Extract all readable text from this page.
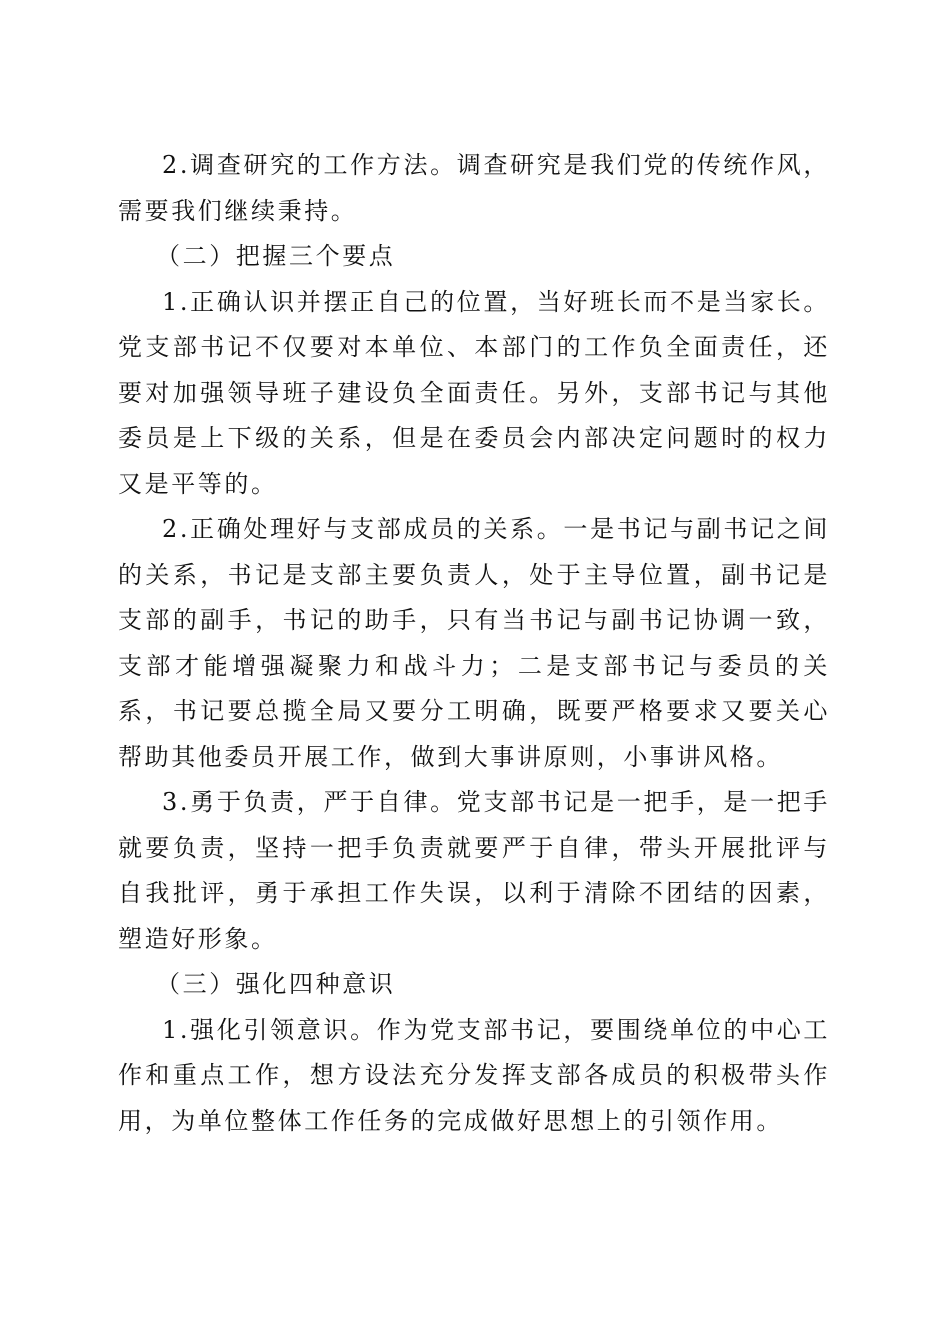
2.调查研究的工作方法。调查研究是我们党的传统作风，需要我们继续秉持。

（二）把握三个要点

1.正确认识并摆正自己的位置，当好班长而不是当家长。党支部书记不仅要对本单位、本部门的工作负全面责任，还要对加强领导班子建设负全面责任。另外，支部书记与其他委员是上下级的关系，但是在委员会内部决定问题时的权力又是平等的。

2.正确处理好与支部成员的关系。一是书记与副书记之间的关系，书记是支部主要负责人，处于主导位置，副书记是支部的副手，书记的助手，只有当书记与副书记协调一致，支部才能增强凝聚力和战斗力；二是支部书记与委员的关系，书记要总揽全局又要分工明确，既要严格要求又要关心帮助其他委员开展工作，做到大事讲原则，小事讲风格。

3.勇于负责，严于自律。党支部书记是一把手，是一把手就要负责，坚持一把手负责就要严于自律，带头开展批评与自我批评，勇于承担工作失误，以利于清除不团结的因素，塑造好形象。

（三）强化四种意识

1.强化引领意识。作为党支部书记，要围绕单位的中心工作和重点工作，想方设法充分发挥支部各成员的积极带头作用，为单位整体工作任务的完成做好思想上的引领作用。
